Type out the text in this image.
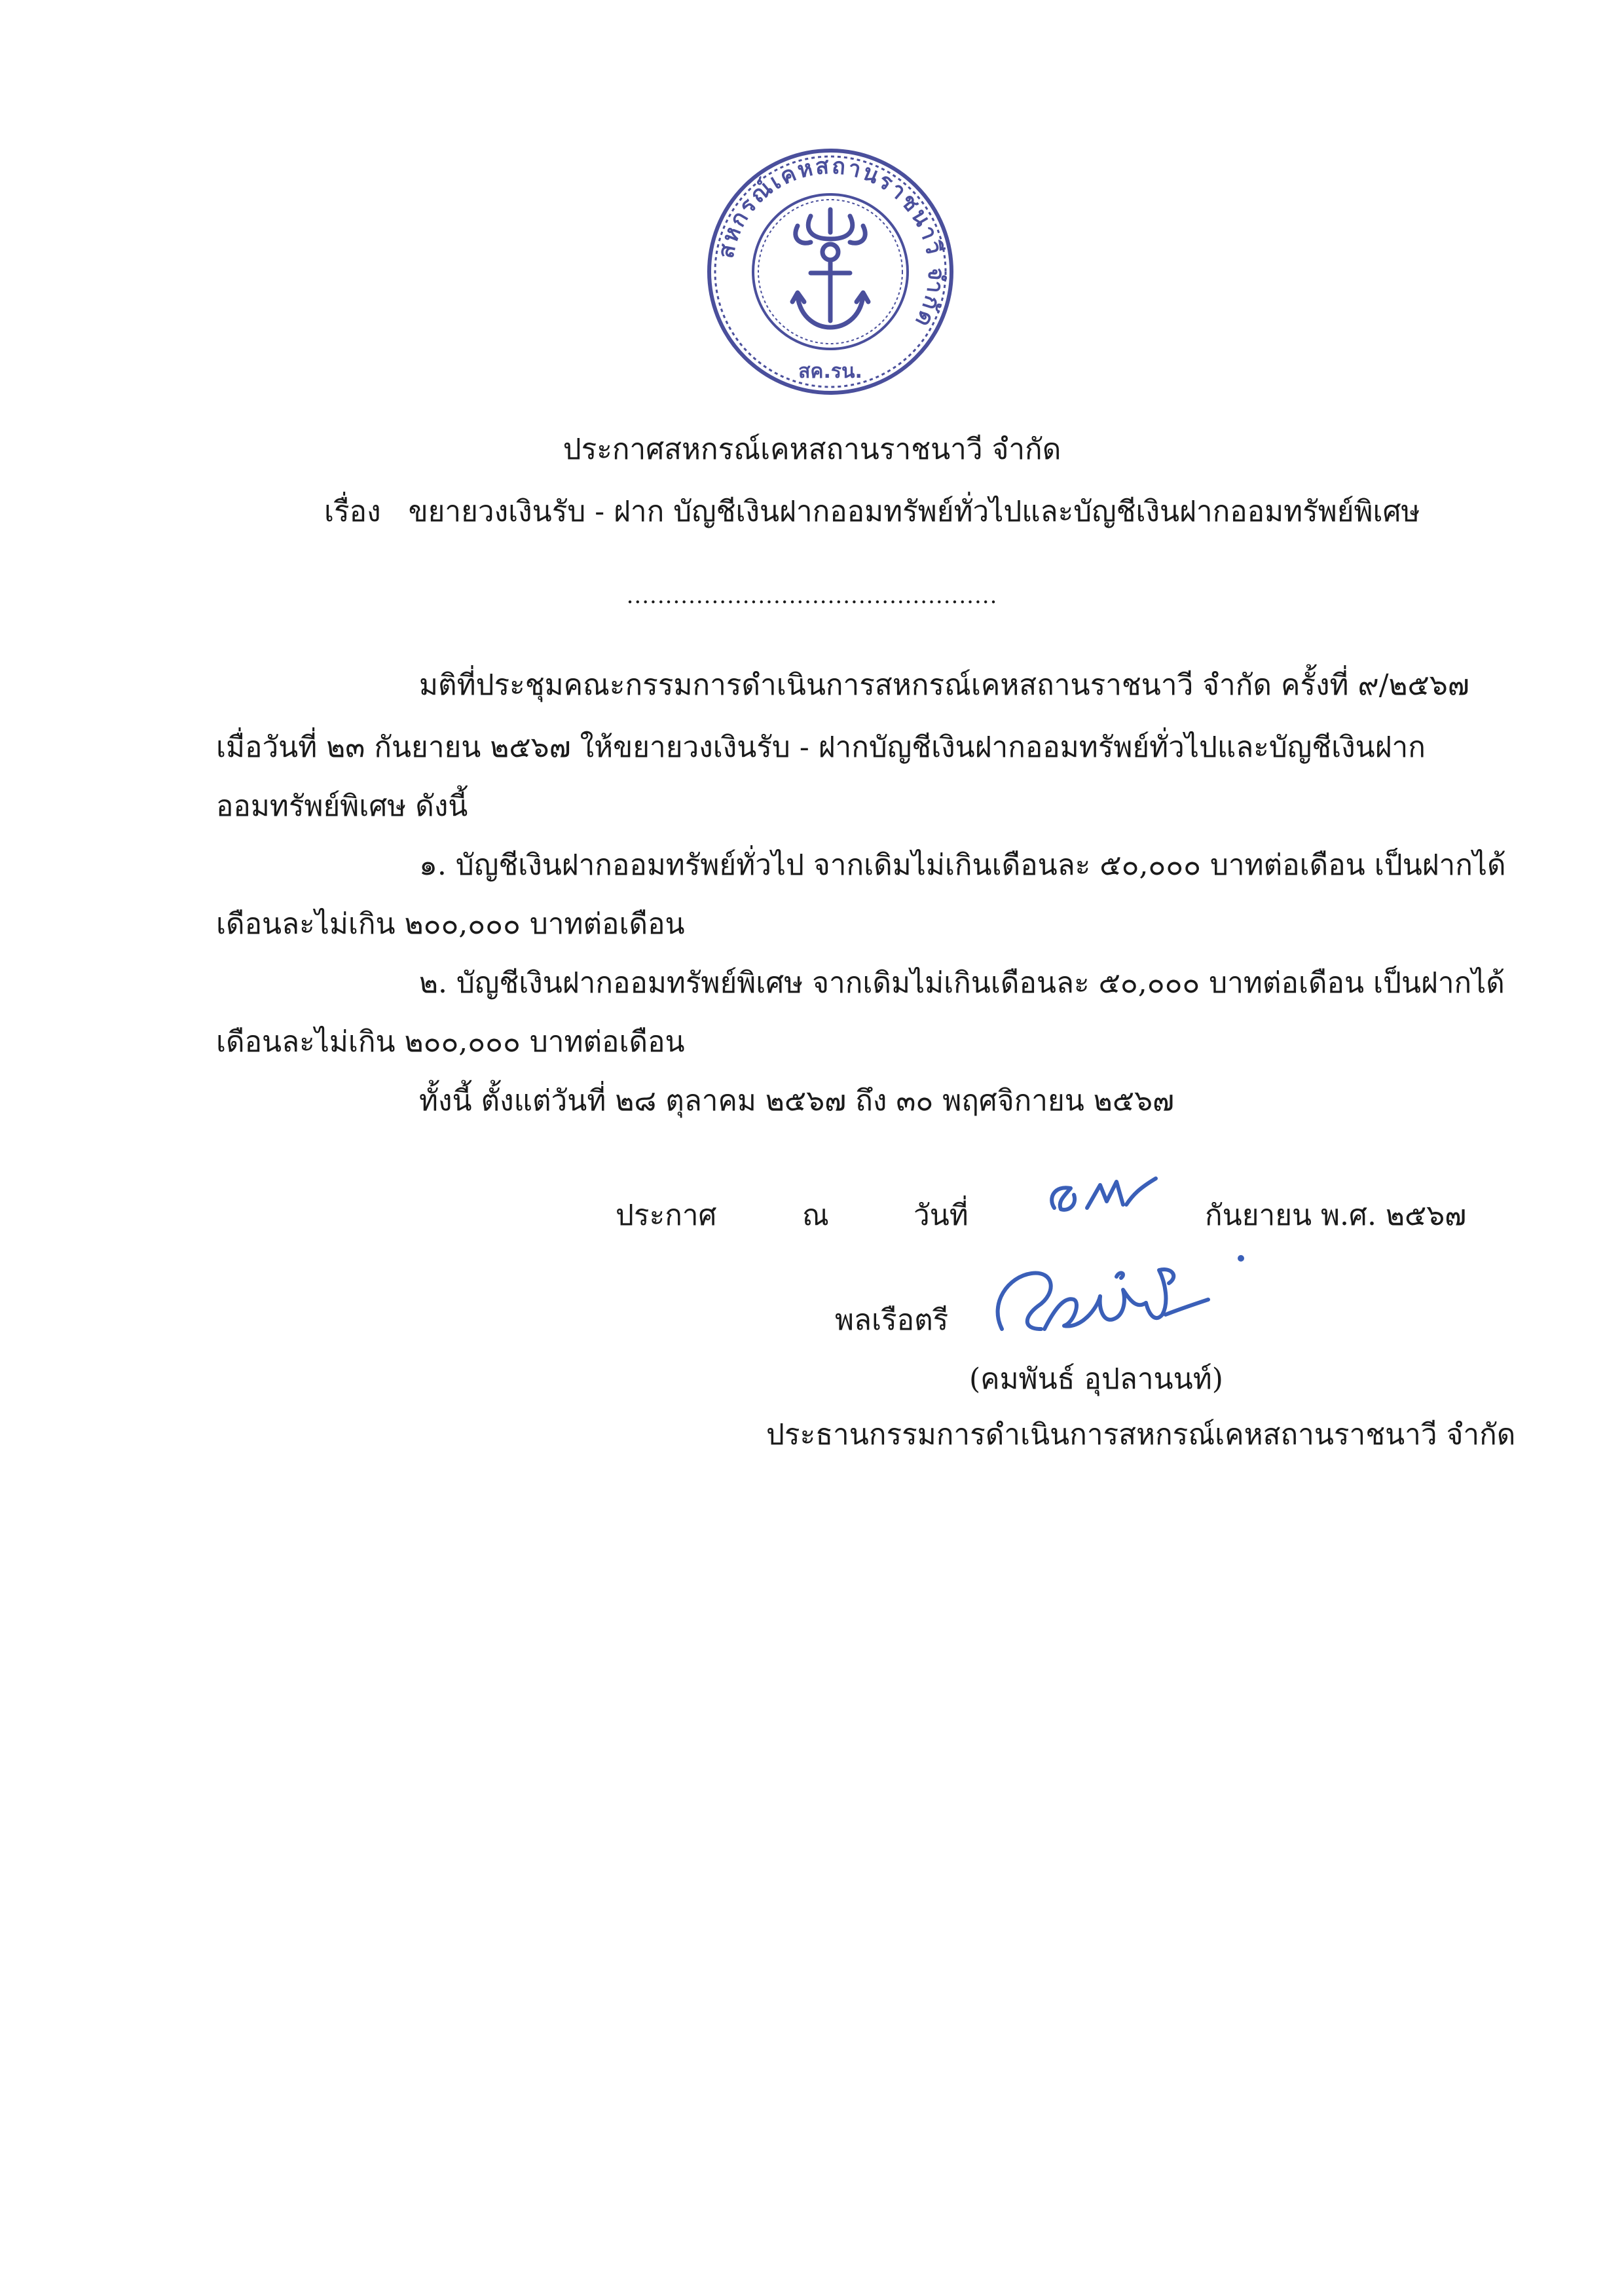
สหกรณ์เคหสถานราชนาวี จำกัด
สค.รน.
ประกาศสหกรณ์เคหสถานราชนาวี จำกัด
เรื่อง ขยายวงเงินรับ - ฝาก บัญชีเงินฝากออมทรัพย์ทั่วไปและบัญชีเงินฝากออมทรัพย์พิเศษ
................................................
มติที่ประชุมคณะกรรมการดำเนินการสหกรณ์เคหสถานราชนาวี จำกัด ครั้งที่ ๙/๒๕๖๗
เมื่อวันที่ ๒๓ กันยายน ๒๕๖๗ ให้ขยายวงเงินรับ - ฝากบัญชีเงินฝากออมทรัพย์ทั่วไปและบัญชีเงินฝาก
ออมทรัพย์พิเศษ ดังนี้
๑. บัญชีเงินฝากออมทรัพย์ทั่วไป จากเดิมไม่เกินเดือนละ ๕๐,๐๐๐ บาทต่อเดือน เป็นฝากได้
เดือนละไม่เกิน ๒๐๐,๐๐๐ บาทต่อเดือน
๒. บัญชีเงินฝากออมทรัพย์พิเศษ จากเดิมไม่เกินเดือนละ ๕๐,๐๐๐ บาทต่อเดือน เป็นฝากได้
เดือนละไม่เกิน ๒๐๐,๐๐๐ บาทต่อเดือน
ทั้งนี้ ตั้งแต่วันที่ ๒๘ ตุลาคม ๒๕๖๗ ถึง ๓๐ พฤศจิกายน ๒๕๖๗
ประกาศ	ณ	วันที่
๒๗
กันยายน พ.ศ. ๒๕๖๗
พลเรือตรี
(คมพันธ์ อุปลานนท์)
ประธานกรรมการดำเนินการสหกรณ์เคหสถานราชนาวี จำกัด
